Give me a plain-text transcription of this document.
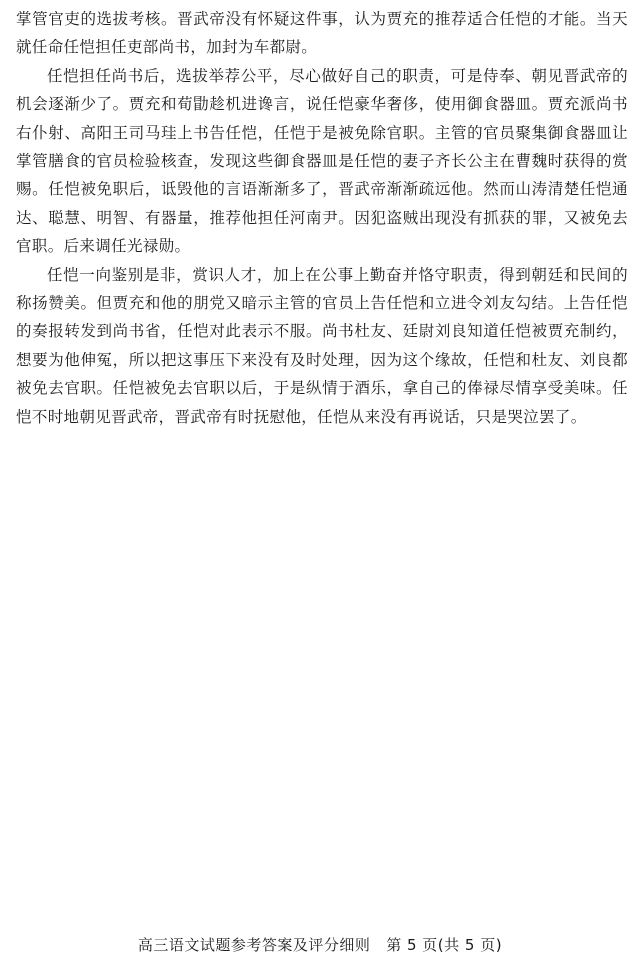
掌管官吏的选拔考核。晋武帝没有怀疑这件事，认为贾充的推荐适合任恺的才能。当天就任命任恺担任吏部尚书，加封为车都尉。

任恺担任尚书后，选拔举荐公平，尽心做好自己的职责，可是侍奉、朝见晋武帝的机会逐渐少了。贾充和荀勖趁机进谗言，说任恺豪华奢侈，使用御食器皿。贾充派尚书右仆射、高阳王司马珪上书告任恺，任恺于是被免除官职。主管的官员聚集御食器皿让掌管膳食的官员检验核查，发现这些御食器皿是任恺的妻子齐长公主在曹魏时获得的赏赐。任恺被免职后，诋毁他的言语渐渐多了，晋武帝渐渐疏远他。然而山涛清楚任恺通达、聪慧、明智、有器量，推荐他担任河南尹。因犯盗贼出现没有抓获的罪，又被免去官职。后来调任光禄勋。

任恺一向鉴别是非，赏识人才，加上在公事上勤奋并恪守职责，得到朝廷和民间的称扬赞美。但贾充和他的朋党又暗示主管的官员上告任恺和立进令刘友勾结。上告任恺的奏报转发到尚书省，任恺对此表示不服。尚书杜友、廷尉刘良知道任恺被贾充制约，想要为他伸冤，所以把这事压下来没有及时处理，因为这个缘故，任恺和杜友、刘良都被免去官职。任恺被免去官职以后，于是纵情于酒乐，拿自己的俸禄尽情享受美味。任恺不时地朝见晋武帝，晋武帝有时抚慰他，任恺从来没有再说话，只是哭泣罢了。

高三语文试题参考答案及评分细则 第 5 页(共 5 页)
